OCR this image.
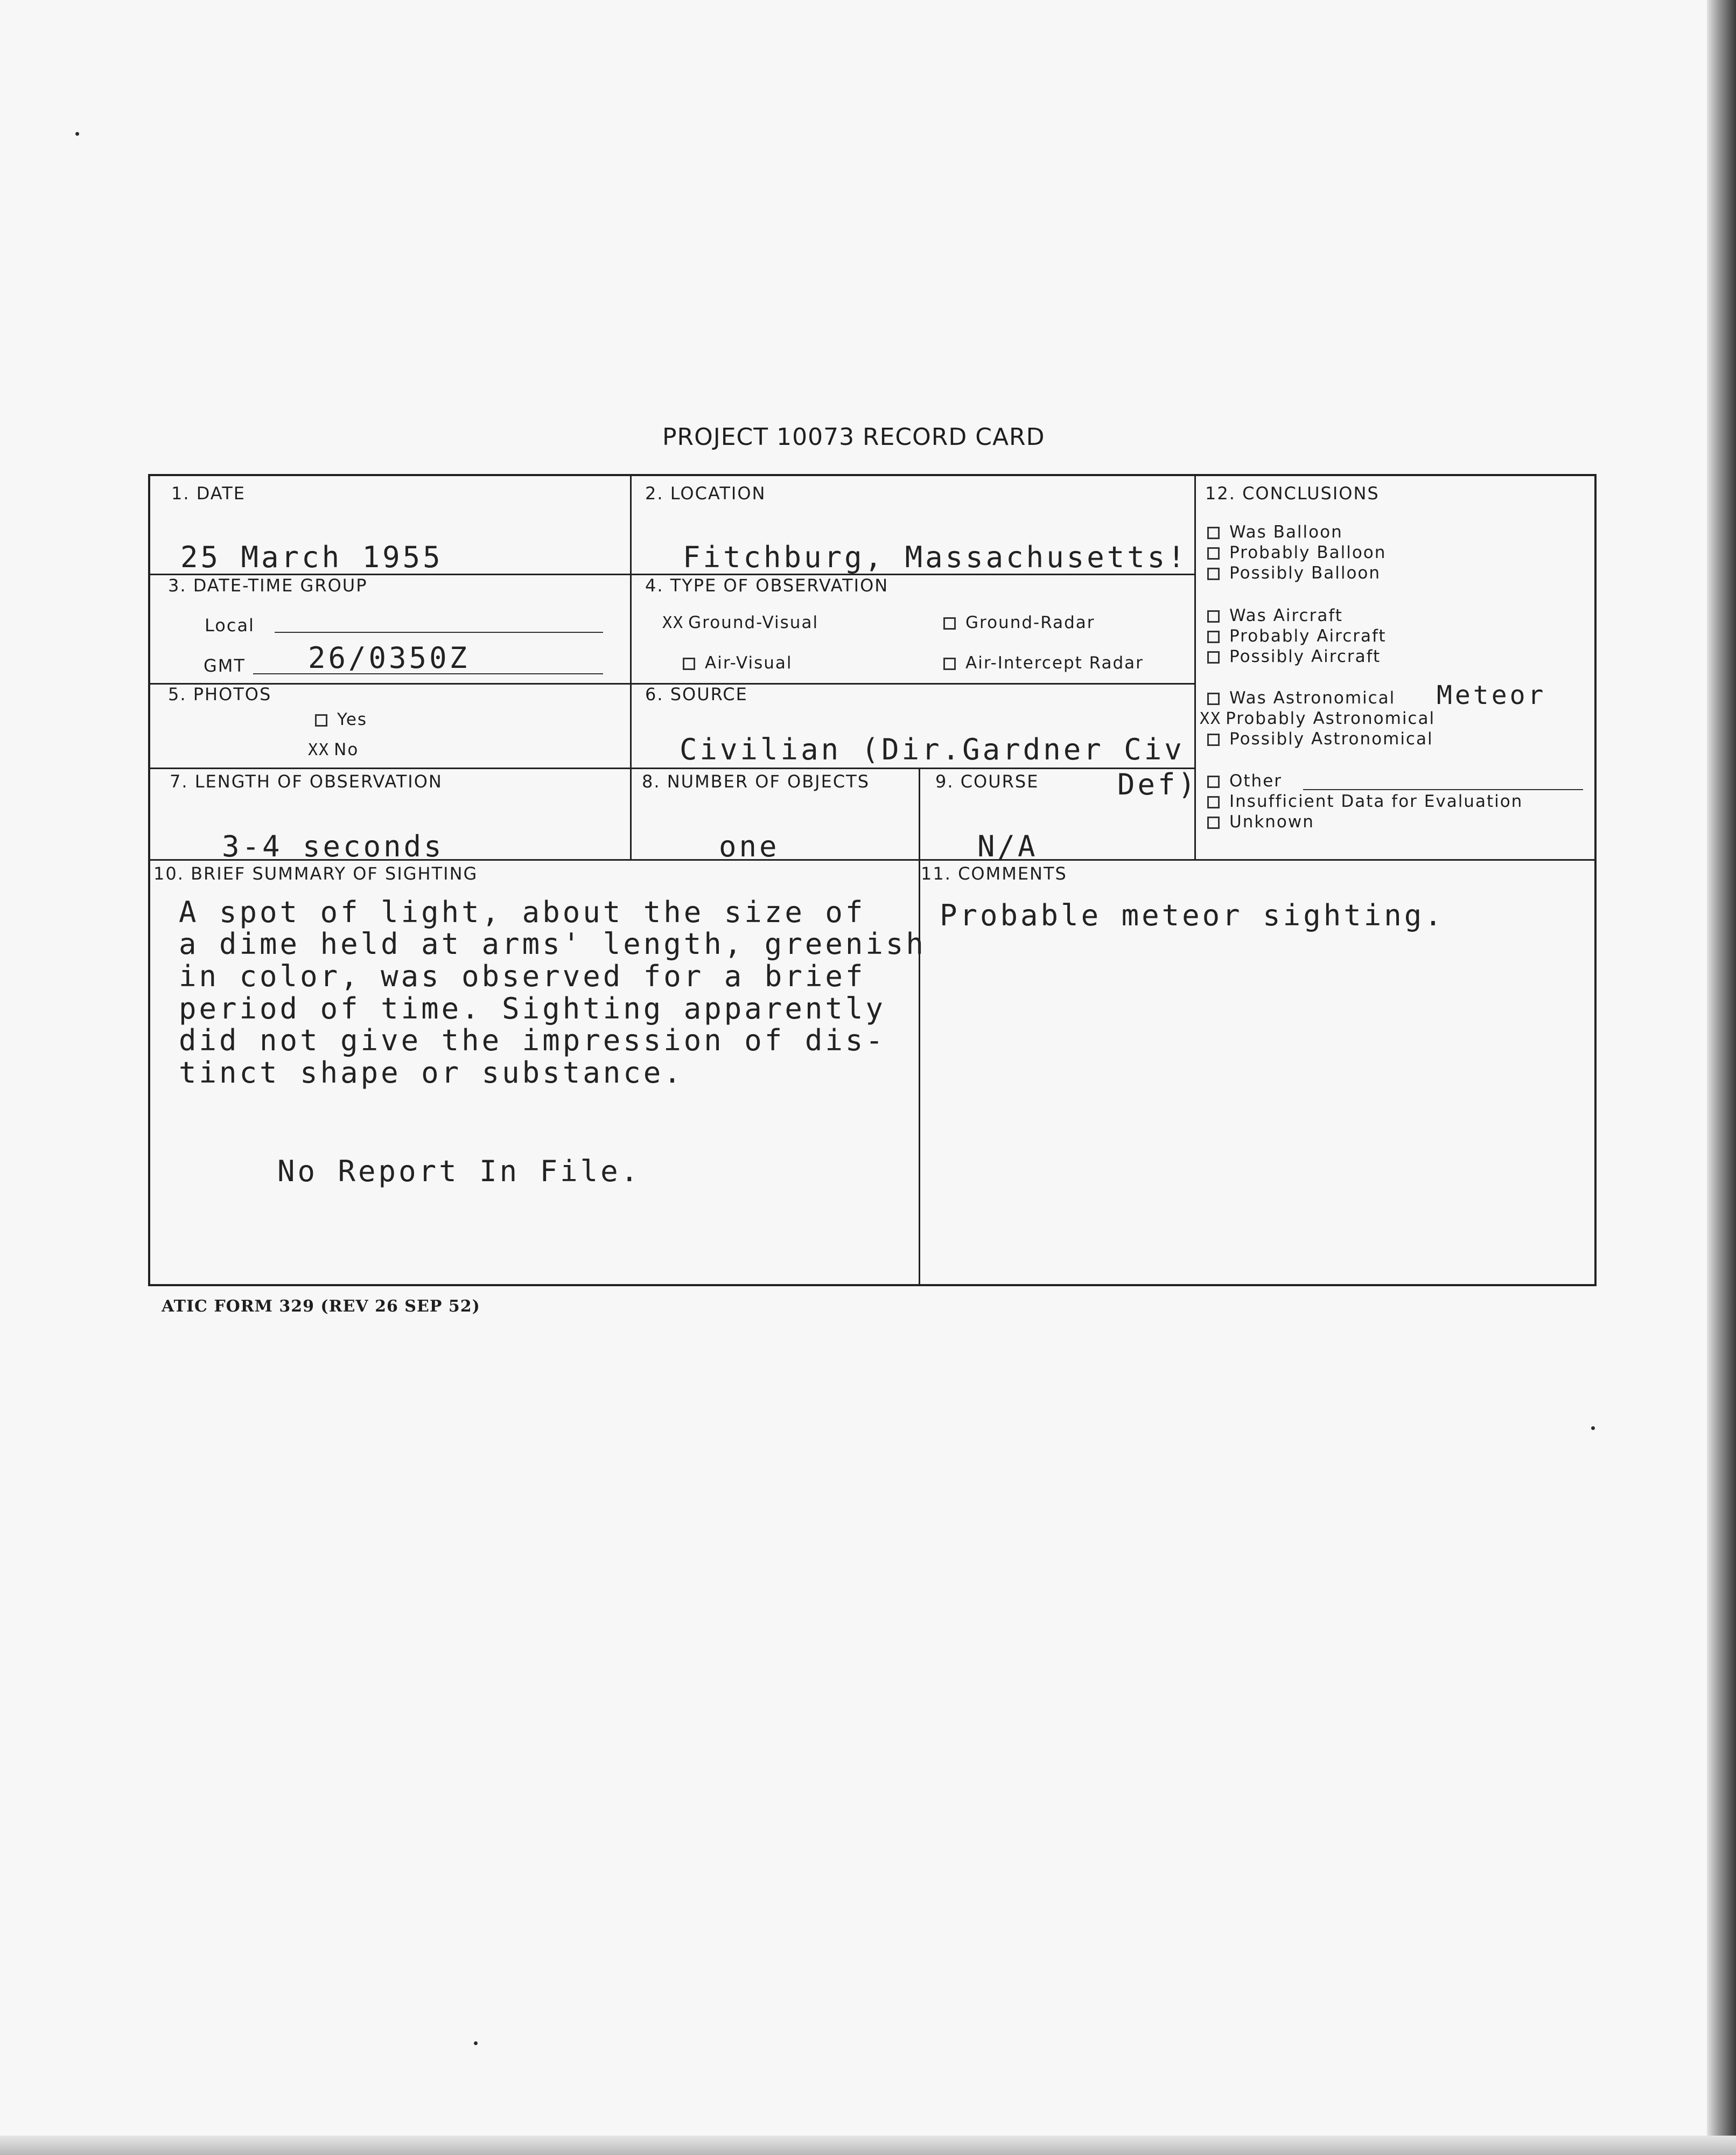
PROJECT 10073 RECORD CARD
1. DATE
25 March 1955
2. LOCATION
Fitchburg, Massachusetts!
3. DATE-TIME GROUP
Local
GMT 26/0350Z
4. TYPE OF OBSERVATION
XX Ground-Visual	Ground-Radar
Air-Visual	Air-Intercept Radar
5. PHOTOS
Yes
XX No
6. SOURCE
Civilian (Dir.Gardner Civ
Def)
7. LENGTH OF OBSERVATION
3-4 seconds
8. NUMBER OF OBJECTS
one
9. COURSE
N/A
10. BRIEF SUMMARY OF SIGHTING
A spot of light, about the size of
a dime held at arms' length, greenish
in color, was observed for a brief
period of time. Sighting apparently
did not give the impression of dis-
tinct shape or substance.
No Report In File.
11. COMMENTS
Probable meteor sighting.
12. CONCLUSIONS
Was Balloon
Probably Balloon
Possibly Balloon
Was Aircraft
Probably Aircraft
Possibly Aircraft
Was Astronomical Meteor
XX Probably Astronomical
Possibly Astronomical
Other
Insufficient Data for Evaluation
Unknown
ATIC FORM 329 (REV 26 SEP 52)
